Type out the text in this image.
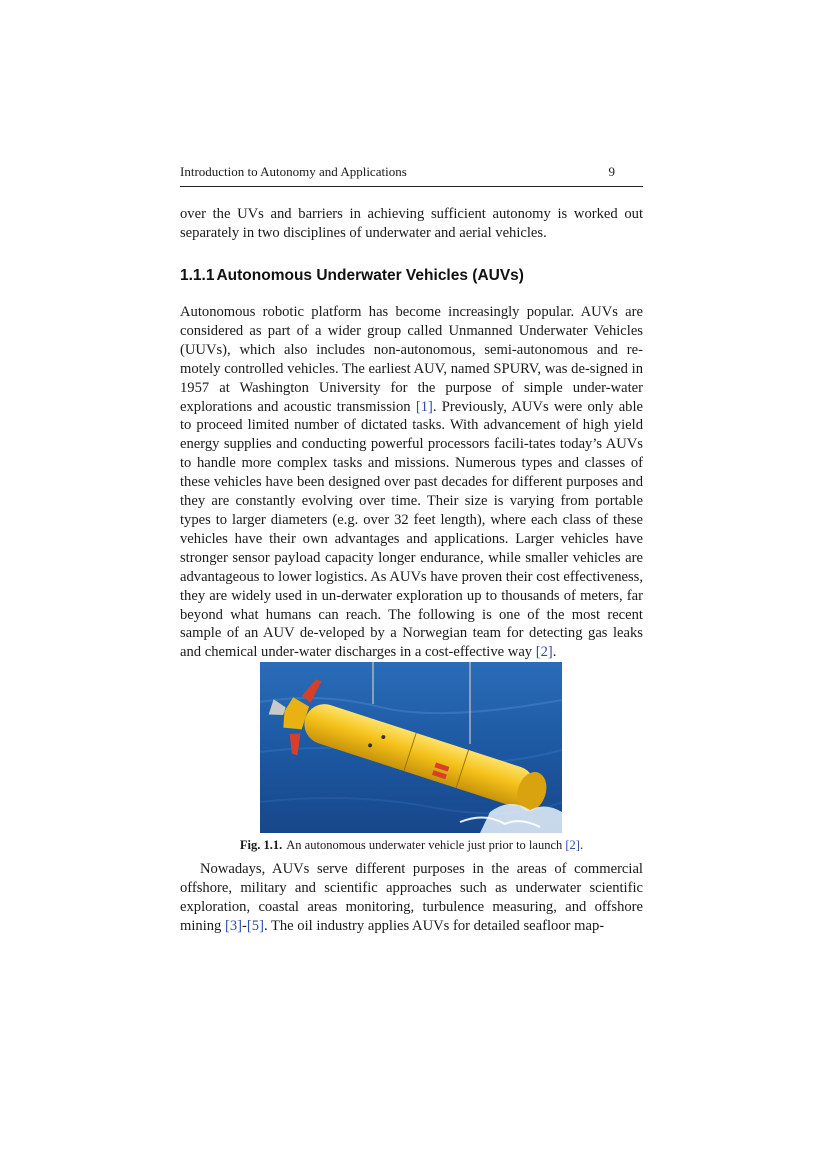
Introduction to Autonomy and Applications	9

over the UVs and barriers in achieving sufficient autonomy is worked out separately in two disciplines of underwater and aerial vehicles.

1.1.1 Autonomous Underwater Vehicles (AUVs)

Autonomous robotic platform has become increasingly popular. AUVs are considered as part of a wider group called Unmanned Underwater Vehicles (UUVs), which also includes non-autonomous, semi-autonomous and re-motely controlled vehicles. The earliest AUV, named SPURV, was de-signed in 1957 at Washington University for the purpose of simple under-water explorations and acoustic transmission [1]. Previously, AUVs were only able to proceed limited number of dictated tasks. With advancement of high yield energy supplies and conducting powerful processors facili-tates today’s AUVs to handle more complex tasks and missions. Numerous types and classes of these vehicles have been designed over past decades for different purposes and they are constantly evolving over time. Their size is varying from portable types to larger diameters (e.g. over 32 feet length), where each class of these vehicles have their own advantages and applications. Larger vehicles have stronger sensor payload capacity longer endurance, while smaller vehicles are advantageous to lower logistics. As AUVs have proven their cost effectiveness, they are widely used in un-derwater exploration up to thousands of meters, far beyond what humans can reach. The following is one of the most recent sample of an AUV de-veloped by a Norwegian team for detecting gas leaks and chemical under-water discharges in a cost-effective way [2].

Fig. 1.1. An autonomous underwater vehicle just prior to launch [2].

Nowadays, AUVs serve different purposes in the areas of commercial offshore, military and scientific approaches such as underwater scientific exploration, coastal areas monitoring, turbulence measuring, and offshore mining [3]-[5]. The oil industry applies AUVs for detailed seafloor map-
